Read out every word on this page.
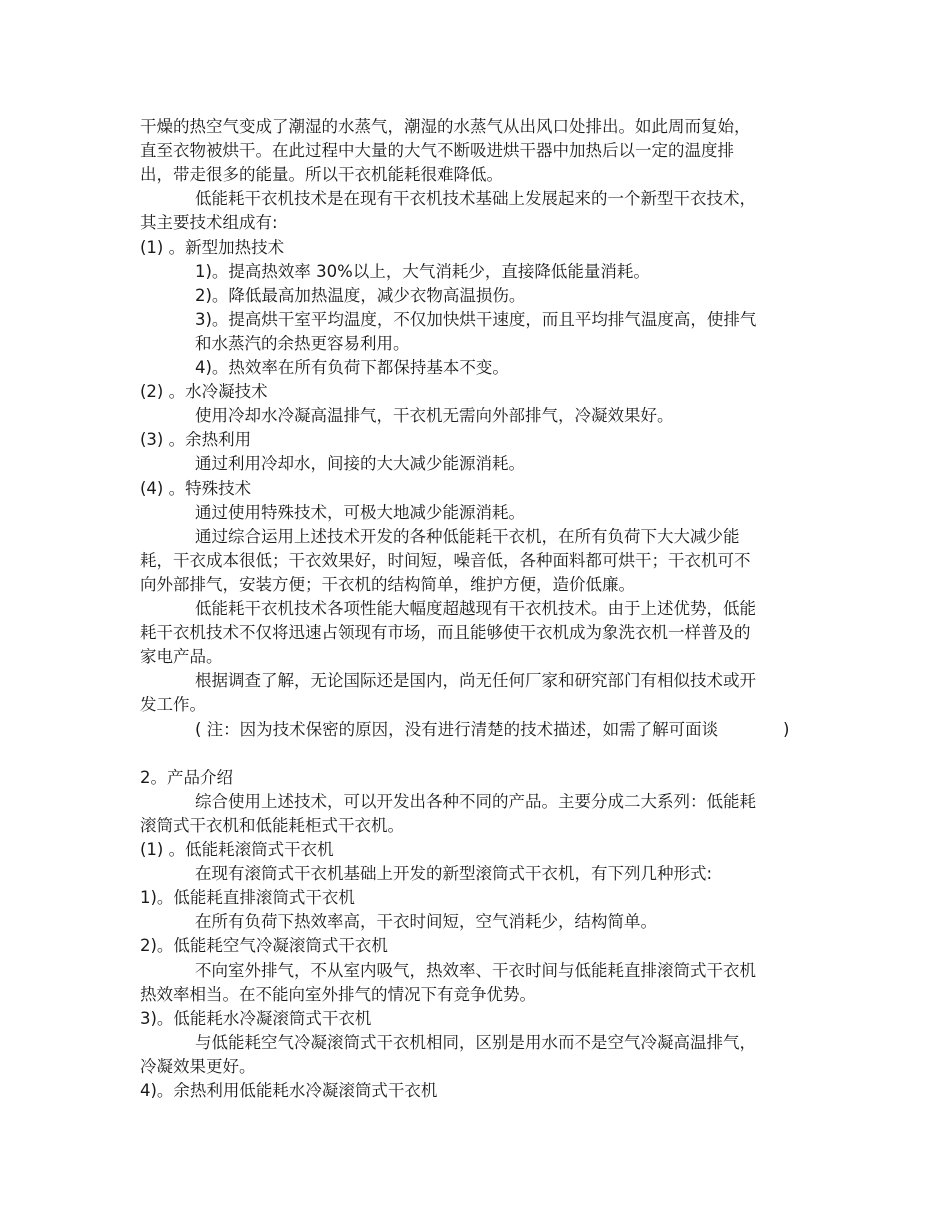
干燥的热空气变成了潮湿的水蒸气，潮湿的水蒸气从出风口处排出。如此周而复始，
直至衣物被烘干。在此过程中大量的大气不断吸进烘干器中加热后以一定的温度排
出，带走很多的能量。所以干衣机能耗很难降低。
低能耗干衣机技术是在现有干衣机技术基础上发展起来的一个新型干衣技术，
其主要技术组成有:
(1) 。新型加热技术
1)。提高热效率 30%以上，大气消耗少，直接降低能量消耗。
2)。降低最高加热温度，减少衣物高温损伤。
3)。提高烘干室平均温度，不仅加快烘干速度，而且平均排气温度高，使排气
和水蒸汽的余热更容易利用。
4)。热效率在所有负荷下都保持基本不变。
(2) 。水冷凝技术
使用冷却水冷凝高温排气，干衣机无需向外部排气，冷凝效果好。
(3) 。余热利用
通过利用冷却水，间接的大大减少能源消耗。
(4) 。特殊技术
通过使用特殊技术，可极大地减少能源消耗。
通过综合运用上述技术开发的各种低能耗干衣机，在所有负荷下大大减少能
耗，干衣成本很低；干衣效果好，时间短，噪音低，各种面料都可烘干；干衣机可不
向外部排气，安装方便；干衣机的结构简单，维护方便，造价低廉。
低能耗干衣机技术各项性能大幅度超越现有干衣机技术。由于上述优势，低能
耗干衣机技术不仅将迅速占领现有市场，而且能够使干衣机成为象洗衣机一样普及的
家电产品。
根据调查了解，无论国际还是国内，尚无任何厂家和研究部门有相似技术或开
发工作。
( 注：因为技术保密的原因，没有进行清楚的技术描述，如需了解可面谈	)
2。产品介绍
综合使用上述技术，可以开发出各种不同的产品。主要分成二大系列：低能耗
滚筒式干衣机和低能耗柜式干衣机。
(1) 。低能耗滚筒式干衣机
在现有滚筒式干衣机基础上开发的新型滚筒式干衣机，有下列几种形式:
1)。低能耗直排滚筒式干衣机
在所有负荷下热效率高，干衣时间短，空气消耗少，结构简单。
2)。低能耗空气冷凝滚筒式干衣机
不向室外排气，不从室内吸气，热效率、干衣时间与低能耗直排滚筒式干衣机
热效率相当。在不能向室外排气的情况下有竞争优势。
3)。低能耗水冷凝滚筒式干衣机
与低能耗空气冷凝滚筒式干衣机相同，区别是用水而不是空气冷凝高温排气，
冷凝效果更好。
4)。余热利用低能耗水冷凝滚筒式干衣机
